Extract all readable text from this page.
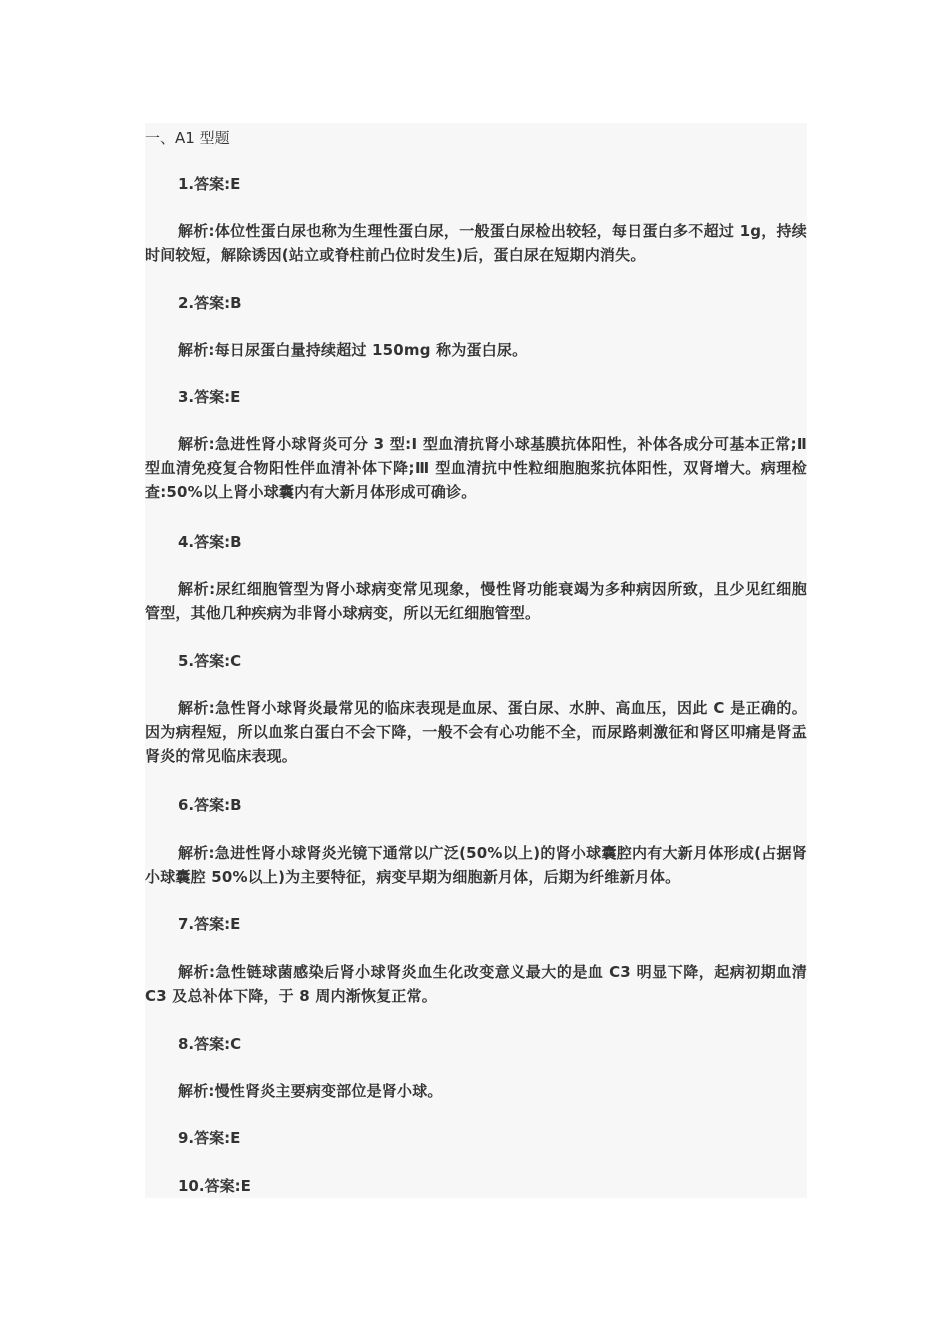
一、A1 型题
1.答案:E
解析:体位性蛋白尿也称为生理性蛋白尿，一般蛋白尿检出较轻，每日蛋白多不超过 1g，持续时间较短，解除诱因(站立或脊柱前凸位时发生)后，蛋白尿在短期内消失。
2.答案:B
解析:每日尿蛋白量持续超过 150mg 称为蛋白尿。
3.答案:E
解析:急进性肾小球肾炎可分 3 型:Ⅰ 型血清抗肾小球基膜抗体阳性，补体各成分可基本正常;Ⅱ 型血清免疫复合物阳性伴血清补体下降;Ⅲ 型血清抗中性粒细胞胞浆抗体阳性，双肾增大。病理检查:50%以上肾小球囊内有大新月体形成可确诊。
4.答案:B
解析:尿红细胞管型为肾小球病变常见现象，慢性肾功能衰竭为多种病因所致，且少见红细胞管型，其他几种疾病为非肾小球病变，所以无红细胞管型。
5.答案:C
解析:急性肾小球肾炎最常见的临床表现是血尿、蛋白尿、水肿、高血压，因此 C 是正确的。因为病程短，所以血浆白蛋白不会下降，一般不会有心功能不全，而尿路刺激征和肾区叩痛是肾盂肾炎的常见临床表现。
6.答案:B
解析:急进性肾小球肾炎光镜下通常以广泛(50%以上)的肾小球囊腔内有大新月体形成(占据肾小球囊腔 50%以上)为主要特征，病变早期为细胞新月体，后期为纤维新月体。
7.答案:E
解析:急性链球菌感染后肾小球肾炎血生化改变意义最大的是血 C3 明显下降，起病初期血清 C3 及总补体下降，于 8 周内渐恢复正常。
8.答案:C
解析:慢性肾炎主要病变部位是肾小球。
9.答案:E
10.答案:E
